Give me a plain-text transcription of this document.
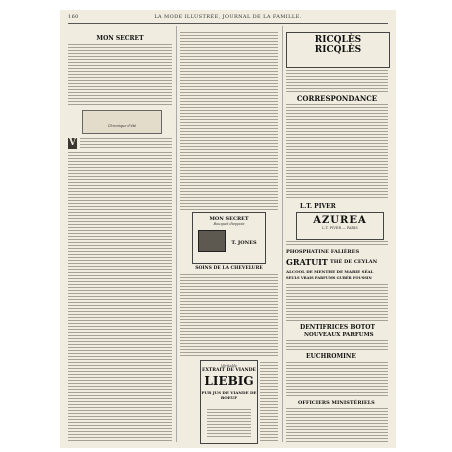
160	LA MODE ILLUSTRÉE, JOURNAL DE LA FAMILLE.
MON SECRET
Chronique d'été
V
MON SECRET
Bouquet dieppois
T. JONES
SOINS DE LA CHEVELURE
Véritable
EXTRAIT DE VIANDE
LIEBIG
PUR JUS DE VIANDE DE BOEUF
RICQLÈS
RICQLÈS
CORRESPONDANCE
L.T. PIVER
AZUREA
L.T. PIVER — PARIS
PHOSPHATINE FALIÈRES
GRATUIT THÉ DE CEYLAN
ALCOOL DE MENTHE DE MARIE SÉAL
SEULS VRAIS PARFUMS GUBÉR FOUSSIN
DENTIFRICES BOTOT
NOUVEAUX PARFUMS
EUCHROMINE
OFFICIERS MINISTÉRIELS
